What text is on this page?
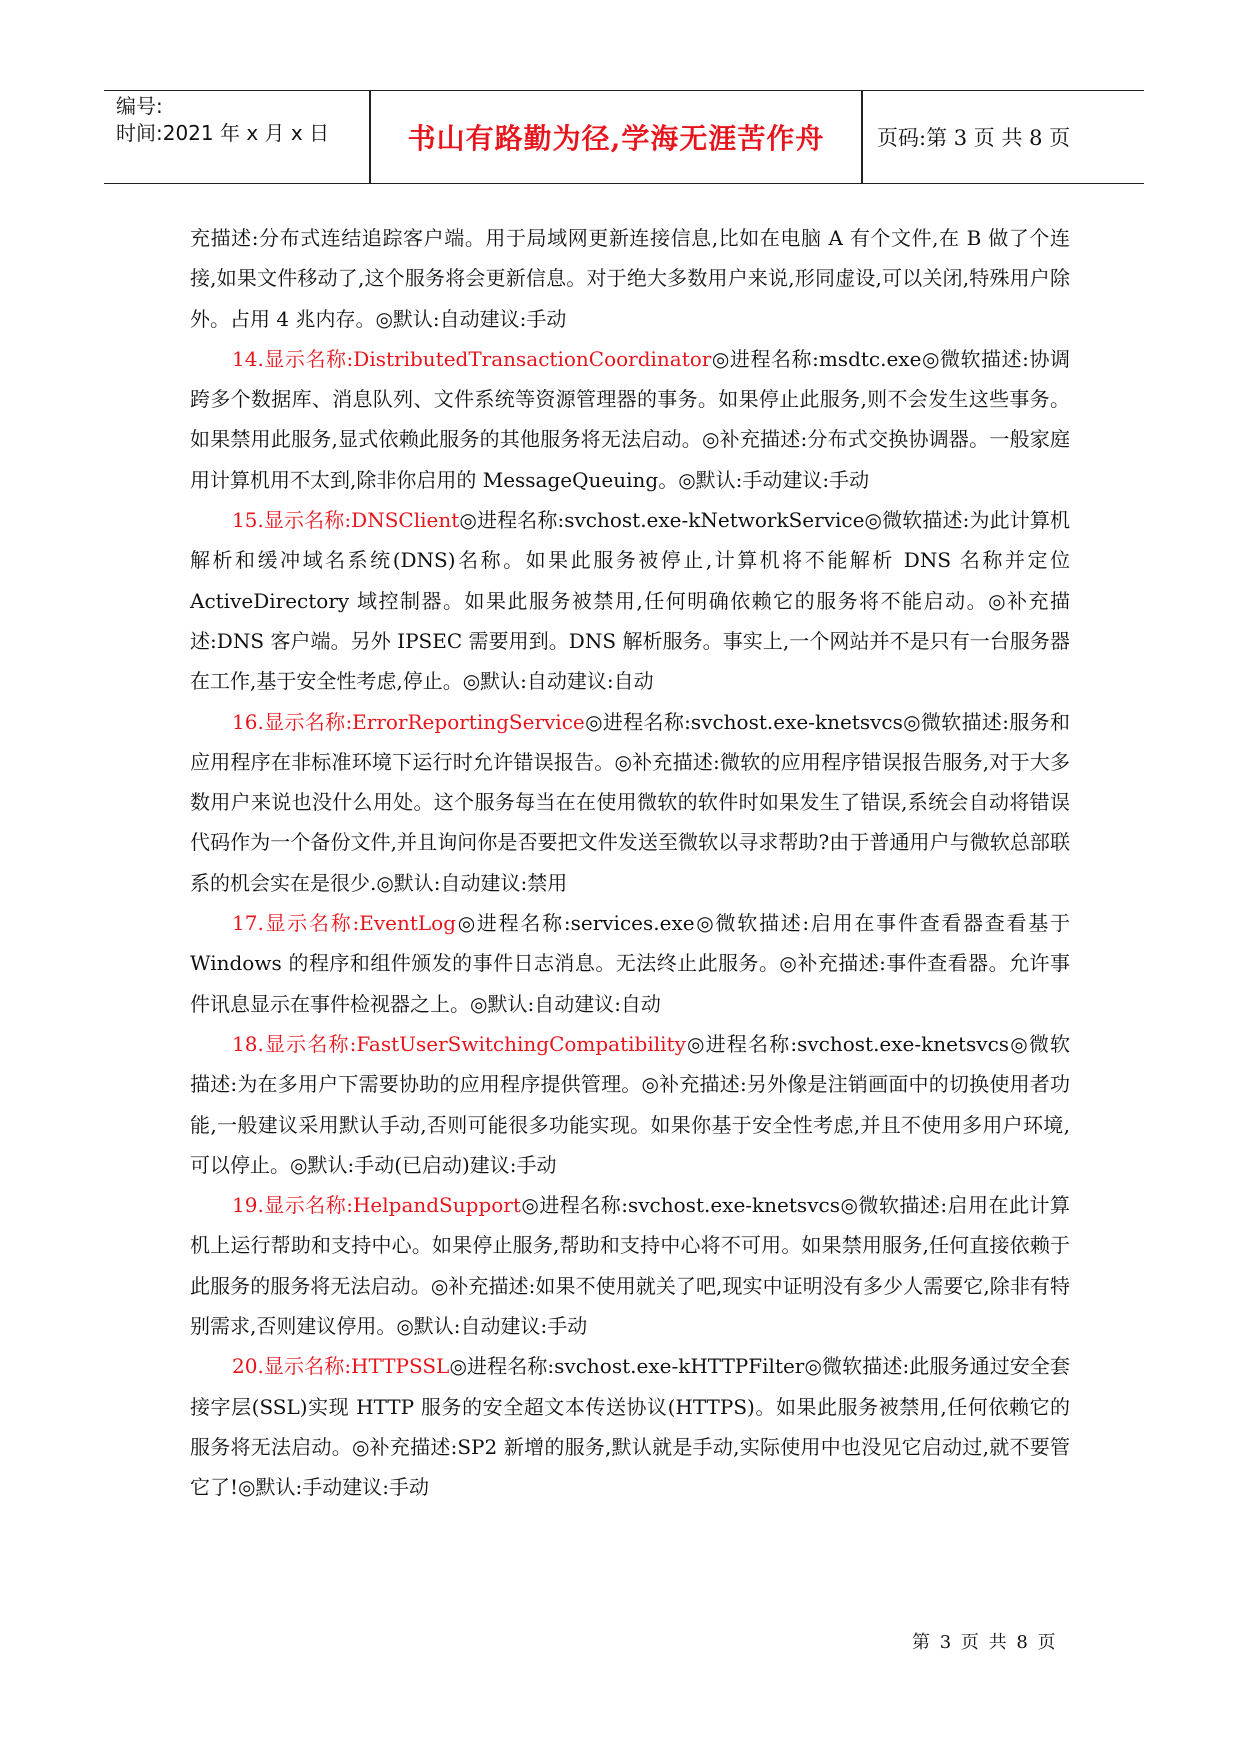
编号:
时间:2021 年 x 月 x 日	书山有路勤为径,学海无涯苦作舟	页码:第 3 页 共 8 页

充描述:分布式连结追踪客户端。用于局域网更新连接信息,比如在电脑 A 有个文件,在 B 做了个连接,如果文件移动了,这个服务将会更新信息。对于绝大多数用户来说,形同虚设,可以关闭,特殊用户除外。占用 4 兆内存。◎默认:自动建议:手动

14.显示名称:DistributedTransactionCoordinator◎进程名称:msdtc.exe◎微软描述:协调跨多个数据库、消息队列、文件系统等资源管理器的事务。如果停止此服务,则不会发生这些事务。如果禁用此服务,显式依赖此服务的其他服务将无法启动。◎补充描述:分布式交换协调器。一般家庭用计算机用不太到,除非你启用的 MessageQueuing。◎默认:手动建议:手动

15.显示名称:DNSClient◎进程名称:svchost.exe-kNetworkService◎微软描述:为此计算机解析和缓冲域名系统(DNS)名称。如果此服务被停止,计算机将不能解析 DNS 名称并定位 ActiveDirectory 域控制器。如果此服务被禁用,任何明确依赖它的服务将不能启动。◎补充描述:DNS 客户端。另外 IPSEC 需要用到。DNS 解析服务。事实上,一个网站并不是只有一台服务器在工作,基于安全性考虑,停止。◎默认:自动建议:自动

16.显示名称:ErrorReportingService◎进程名称:svchost.exe-knetsvcs◎微软描述:服务和应用程序在非标准环境下运行时允许错误报告。◎补充描述:微软的应用程序错误报告服务,对于大多数用户来说也没什么用处。这个服务每当在在使用微软的软件时如果发生了错误,系统会自动将错误代码作为一个备份文件,并且询问你是否要把文件发送至微软以寻求帮助?由于普通用户与微软总部联系的机会实在是很少.◎默认:自动建议:禁用

17.显示名称:EventLog◎进程名称:services.exe◎微软描述:启用在事件查看器查看基于 Windows 的程序和组件颁发的事件日志消息。无法终止此服务。◎补充描述:事件查看器。允许事件讯息显示在事件检视器之上。◎默认:自动建议:自动

18.显示名称:FastUserSwitchingCompatibility◎进程名称:svchost.exe-knetsvcs◎微软描述:为在多用户下需要协助的应用程序提供管理。◎补充描述:另外像是注销画面中的切换使用者功能,一般建议采用默认手动,否则可能很多功能实现。如果你基于安全性考虑,并且不使用多用户环境,可以停止。◎默认:手动(已启动)建议:手动

19.显示名称:HelpandSupport◎进程名称:svchost.exe-knetsvcs◎微软描述:启用在此计算机上运行帮助和支持中心。如果停止服务,帮助和支持中心将不可用。如果禁用服务,任何直接依赖于此服务的服务将无法启动。◎补充描述:如果不使用就关了吧,现实中证明没有多少人需要它,除非有特别需求,否则建议停用。◎默认:自动建议:手动

20.显示名称:HTTPSSL◎进程名称:svchost.exe-kHTTPFilter◎微软描述:此服务通过安全套接字层(SSL)实现 HTTP 服务的安全超文本传送协议(HTTPS)。如果此服务被禁用,任何依赖它的服务将无法启动。◎补充描述:SP2 新增的服务,默认就是手动,实际使用中也没见它启动过,就不要管它了!◎默认:手动建议:手动

第 3 页 共 8 页
